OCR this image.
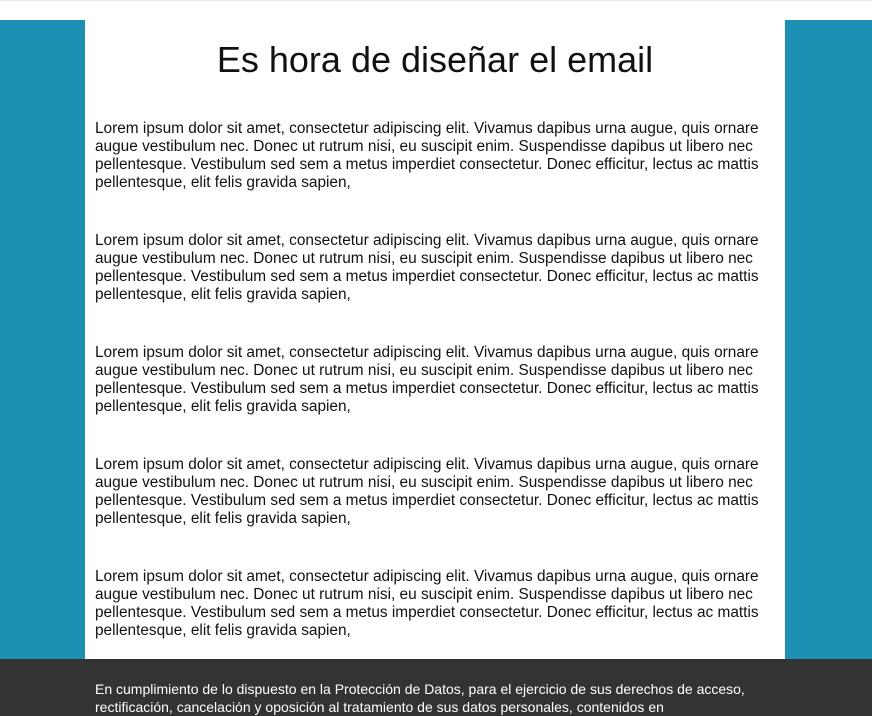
Es hora de diseñar el email

Lorem ipsum dolor sit amet, consectetur adipiscing elit. Vivamus dapibus urna augue, quis ornare augue vestibulum nec. Donec ut rutrum nisi, eu suscipit enim. Suspendisse dapibus ut libero nec pellentesque. Vestibulum sed sem a metus imperdiet consectetur. Donec efficitur, lectus ac mattis pellentesque, elit felis gravida sapien,

Lorem ipsum dolor sit amet, consectetur adipiscing elit. Vivamus dapibus urna augue, quis ornare augue vestibulum nec. Donec ut rutrum nisi, eu suscipit enim. Suspendisse dapibus ut libero nec pellentesque. Vestibulum sed sem a metus imperdiet consectetur. Donec efficitur, lectus ac mattis pellentesque, elit felis gravida sapien,

Lorem ipsum dolor sit amet, consectetur adipiscing elit. Vivamus dapibus urna augue, quis ornare augue vestibulum nec. Donec ut rutrum nisi, eu suscipit enim. Suspendisse dapibus ut libero nec pellentesque. Vestibulum sed sem a metus imperdiet consectetur. Donec efficitur, lectus ac mattis pellentesque, elit felis gravida sapien,

Lorem ipsum dolor sit amet, consectetur adipiscing elit. Vivamus dapibus urna augue, quis ornare augue vestibulum nec. Donec ut rutrum nisi, eu suscipit enim. Suspendisse dapibus ut libero nec pellentesque. Vestibulum sed sem a metus imperdiet consectetur. Donec efficitur, lectus ac mattis pellentesque, elit felis gravida sapien,

Lorem ipsum dolor sit amet, consectetur adipiscing elit. Vivamus dapibus urna augue, quis ornare augue vestibulum nec. Donec ut rutrum nisi, eu suscipit enim. Suspendisse dapibus ut libero nec pellentesque. Vestibulum sed sem a metus imperdiet consectetur. Donec efficitur, lectus ac mattis pellentesque, elit felis gravida sapien,

En cumplimiento de lo dispuesto en la Protección de Datos, para el ejercicio de sus derechos de acceso, rectificación, cancelación y oposición al tratamiento de sus datos personales, contenidos en
